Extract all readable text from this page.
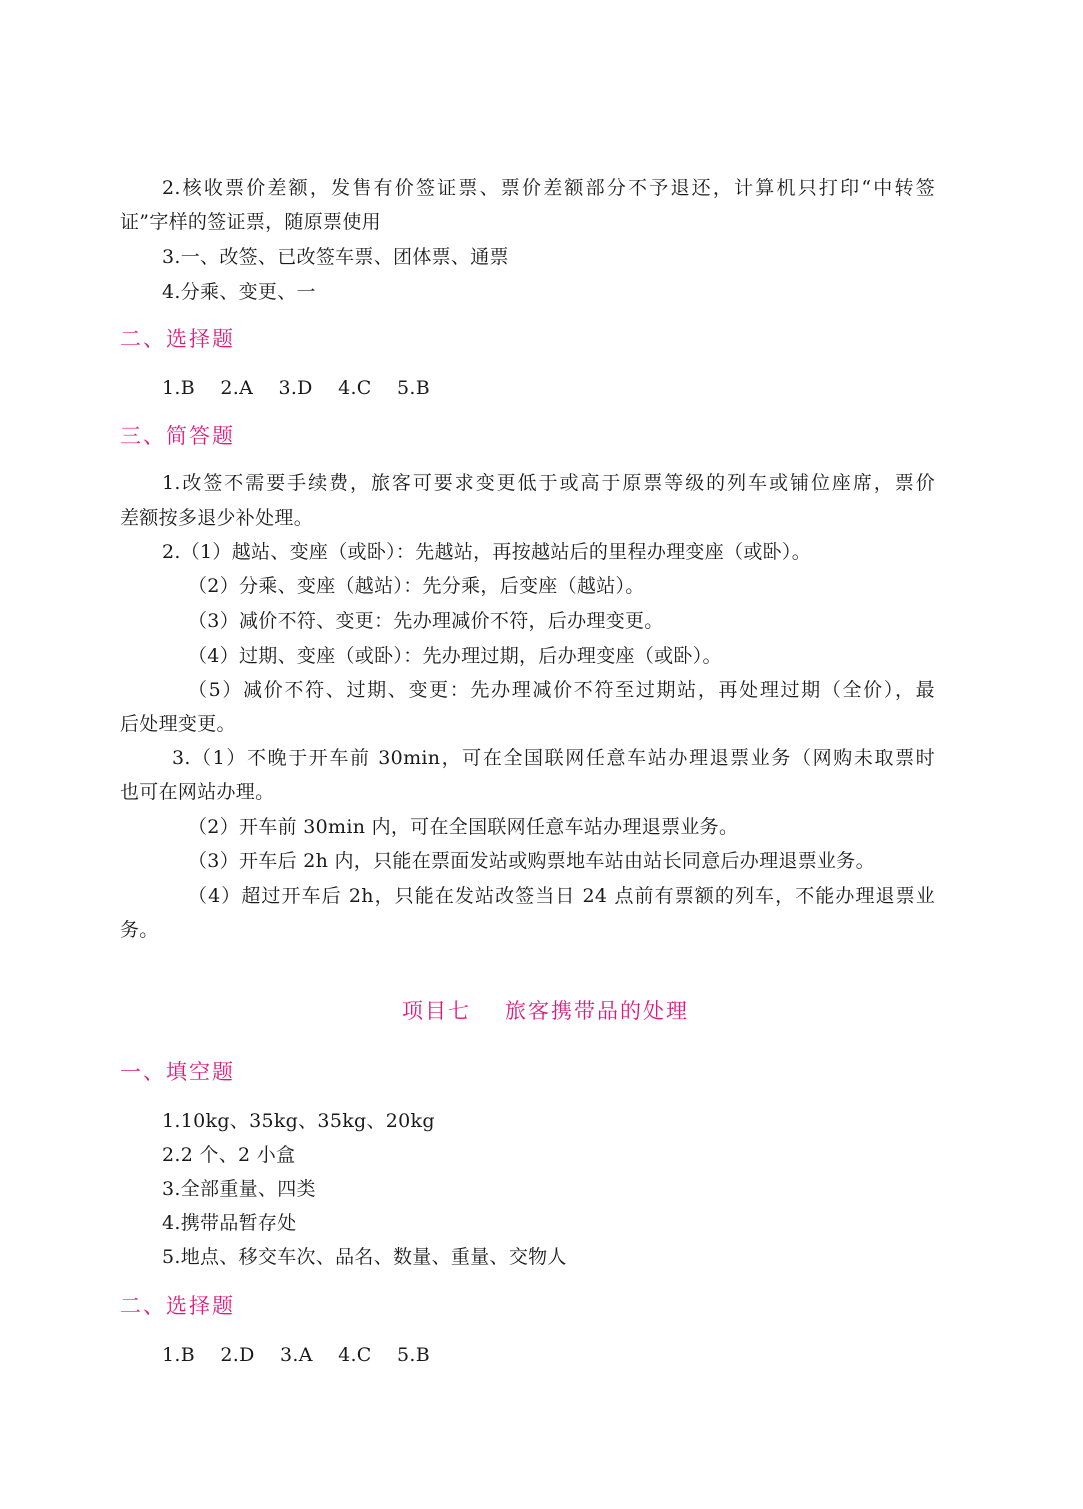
2.核收票价差额，发售有价签证票、票价差额部分不予退还，计算机只打印“中转签

证”字样的签证票，随原票使用

3.一、改签、已改签车票、团体票、通票

4.分乘、变更、一

二、选择题

1.B    2.A    3.D    4.C    5.B

三、简答题

1.改签不需要手续费，旅客可要求变更低于或高于原票等级的列车或铺位座席，票价

差额按多退少补处理。

2.（1）越站、变座（或卧）：先越站，再按越站后的里程办理变座（或卧）。

（2）分乘、变座（越站）：先分乘，后变座（越站）。

（3）减价不符、变更：先办理减价不符，后办理变更。

（4）过期、变座（或卧）：先办理过期，后办理变座（或卧）。

（5）减价不符、过期、变更：先办理减价不符至过期站，再处理过期（全价），最

后处理变更。

3.（1）不晚于开车前 30min，可在全国联网任意车站办理退票业务（网购未取票时

也可在网站办理。

（2）开车前 30min 内，可在全国联网任意车站办理退票业务。

（3）开车后 2h 内，只能在票面发站或购票地车站由站长同意后办理退票业务。

（4）超过开车后 2h，只能在发站改签当日 24 点前有票额的列车，不能办理退票业

务。

项目七 旅客携带品的处理

一、填空题

1.10kg、35kg、35kg、20kg

2.2 个、2 小盒

3.全部重量、四类

4.携带品暂存处

5.地点、移交车次、品名、数量、重量、交物人

二、选择题

1.B    2.D    3.A    4.C    5.B
